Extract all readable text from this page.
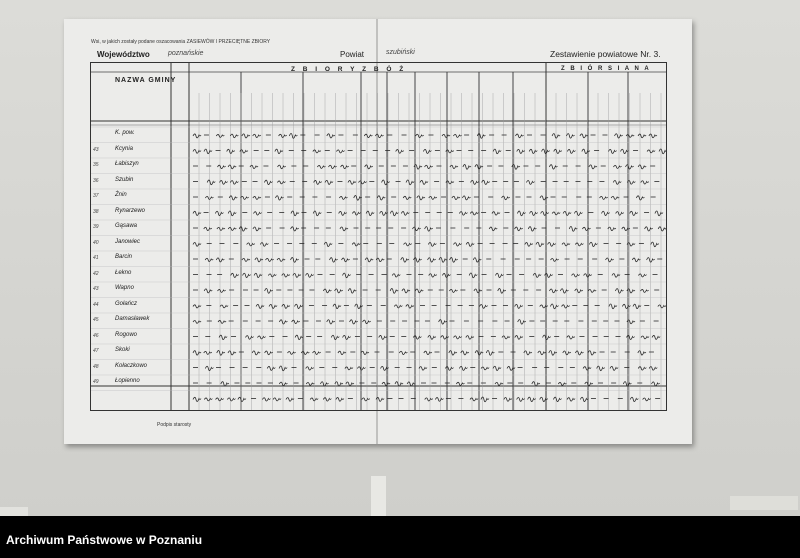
Wsi, w jakich zostały podane oszacowania ZASIEWÓW I PRZECIĘTNE ZBIORY
Województwo	poznańskie	Powiat	szubiński	Zestawienie powiatowe Nr. 3.
NAZWA GMINY
Z B I O R Y Z B Ó Ż	Z B I Ó R S I A N A
K. pow.
43	Kcynia
35	Łabiszyn
36	Szubin
37	Żnin
38	Rynarzewo
39	Gąsawa
40	Janowiec
41	Barcin
42	Łekno
43	Wapno
44	Gołańcz
45	Damasławek
46	Rogowo
47	Skoki
48	Kołaczkowo
49	Łopienno
Podpis starosty
Archiwum Państwowe w Poznaniu
